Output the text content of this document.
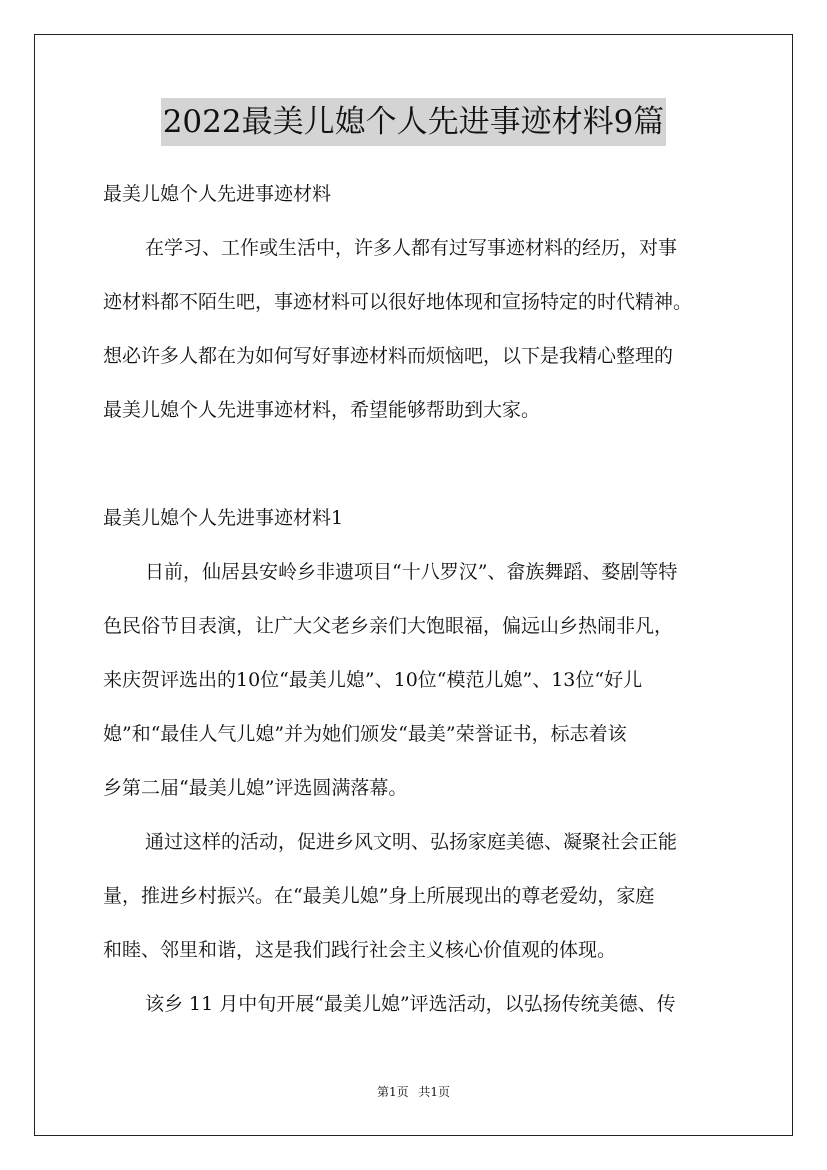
2022最美儿媳个人先进事迹材料9篇
最美儿媳个人先进事迹材料
在学习、工作或生活中，许多人都有过写事迹材料的经历，对事
迹材料都不陌生吧，事迹材料可以很好地体现和宣扬特定的时代精神。
想必许多人都在为如何写好事迹材料而烦恼吧，以下是我精心整理的
最美儿媳个人先进事迹材料，希望能够帮助到大家。
最美儿媳个人先进事迹材料1
日前，仙居县安岭乡非遗项目“十八罗汉”、畲族舞蹈、婺剧等特
色民俗节目表演，让广大父老乡亲们大饱眼福，偏远山乡热闹非凡，
来庆贺评选出的10位“最美儿媳”、10位“模范儿媳”、13位“好儿
媳”和“最佳人气儿媳”并为她们颁发“最美”荣誉证书，标志着该
乡第二届“最美儿媳”评选圆满落幕。
通过这样的活动，促进乡风文明、弘扬家庭美德、凝聚社会正能
量，推进乡村振兴。在“最美儿媳”身上所展现出的尊老爱幼，家庭
和睦、邻里和谐，这是我们践行社会主义核心价值观的体现。
该乡 11 月中旬开展“最美儿媳”评选活动，以弘扬传统美德、传
第1页 共1页
